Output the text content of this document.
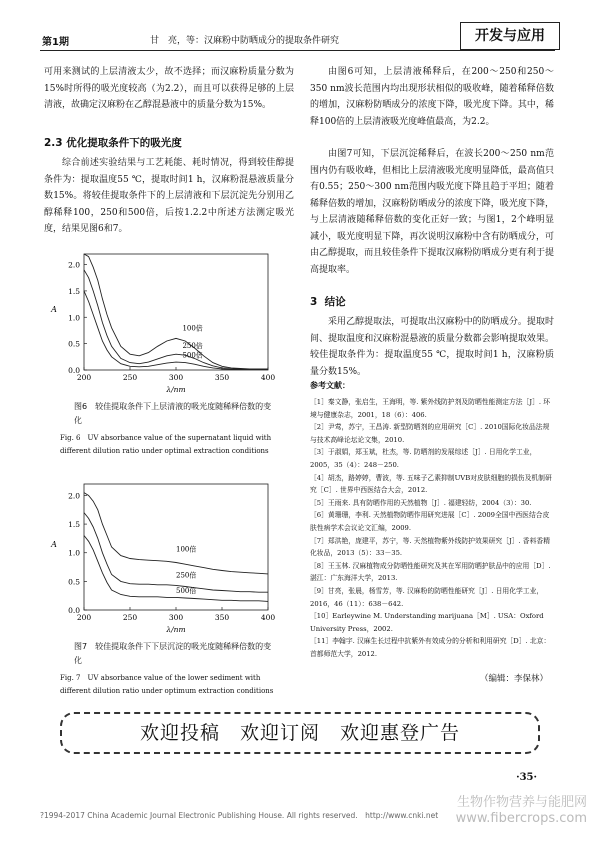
第1期	甘　亮，等：汉麻粉中防晒成分的提取条件研究	开发与应用
可用来测试的上层清液太少，故不选择；而汉麻粉质量分数为15%时所得的吸光度较高（为2.2），而且可以获得足够的上层清液，故确定汉麻粉在乙醇混悬液中的质量分数为15%。
2.3 优化提取条件下的吸光度
综合前述实验结果与工艺耗能、耗时情况，得到较佳醇提条件为：提取温度55 ℃，提取时间1 h，汉麻粉混悬液质量分数15%。将较佳提取条件下的上层清液和下层沉淀先分别用乙醇稀释100，250和500倍，后按1.2.2中所述方法测定吸光度，结果见图6和7。
200	250	300	350	400
0.0
0.5
1.0
1.5
2.0
λ/nm
A
100倍
250倍
500倍
图6　较佳提取条件下上层清液的吸光度随稀释倍数的变化
Fig. 6　UV absorbance value of the supernatant liquid with different dilution ratio under optimal extraction conditions
200	250	300	350	400
0.0
0.5
1.0
1.5
2.0
λ/nm
A
100倍
250倍
500倍
图7　较佳提取条件下下层沉淀的吸光度随稀释倍数的变化
Fig. 7　UV absorbance value of the lower sediment with different dilution ratio under optimum extraction conditions
由图6可知，上层清液稀释后，在200～250和250～350 nm波长范围内均出现形状相似的吸收峰，随着稀释倍数的增加，汉麻粉防晒成分的浓度下降，吸光度下降。其中，稀释100倍的上层清液吸光度峰值最高，为2.2。
由图7可知，下层沉淀稀释后，在波长200～250 nm范围内仍有吸收峰，但相比上层清液吸光度明显降低，最高值只有0.55；250～300 nm范围内吸光度下降且趋于平坦；随着稀释倍数的增加，汉麻粉防晒成分的浓度下降，吸光度下降，与上层清液随稀释倍数的变化正好一致；与图1，2个峰明显减小，吸光度明显下降，再次说明汉麻粉中含有防晒成分，可由乙醇提取，而且较佳条件下提取汉麻粉防晒成分更有利于提高提取率。
3 结论
采用乙醇提取法，可提取出汉麻粉中的防晒成分。提取时间、提取温度和汉麻粉混悬液的质量分数都会影响提取效果。较佳提取条件为：提取温度55 ℃，提取时间1 h，汉麻粉质量分数15%。
参考文献：
［1］秦文静，张启生，王海明，等. 紫外线防护剂及防晒性能测定方法［J］. 环境与健康杂志，2001，18（6）：406.
［2］尹莺，苏宁，王昌涛. 新型防晒剂的应用研究［C］. 2010国际化妆品法规与技术高峰论坛论文集，2010.
［3］于淑娟，郑玉斌，杜杰，等. 防晒剂的发展综述［J］. 日用化学工业，2005，35（4）：248－250.
［4］胡杰，路婷婷，曹波，等. 五味子乙素抑制UVB对皮肤细胞的损伤及机制研究［C］. 世界中西医结合大会，2012.
［5］王雨来. 具有防晒作用的天然植物［J］. 福建轻纺，2004（3）：30.
［6］黄珊珊，李利. 天然植物防晒作用研究进展［C］. 2009全国中西医结合皮肤性病学术会议论文汇编，2009.
［7］郑洪艳，庞建平，苏宁，等. 天然植物紫外线防护效果研究［J］. 香料香精化妆品，2013（5）：33－35.
［8］王玉林. 汉麻植物成分防晒性能研究及其在军用防晒护肤品中的应用［D］. 湛江：广东海洋大学，2013.
［9］甘亮，张晨，杨雪芳，等. 汉麻粉的防晒性能研究［J］. 日用化学工业，2016，46（11）：638－642.
［10］Earleywine M. Understanding marijuana［M］. USA：Oxford University Press，2002.
［11］李翰宇. 汉麻生长过程中抗紫外有效成分的分析和利用研究［D］. 北京：首都师范大学，2012.
（编辑：李保林）
欢迎投稿　欢迎订阅　欢迎惠登广告
·35·
?1994-2017 China Academic Journal Electronic Publishing House. All rights reserved.　http://www.cnki.net
生物作物营养与能肥网
www.fibercrops.com
